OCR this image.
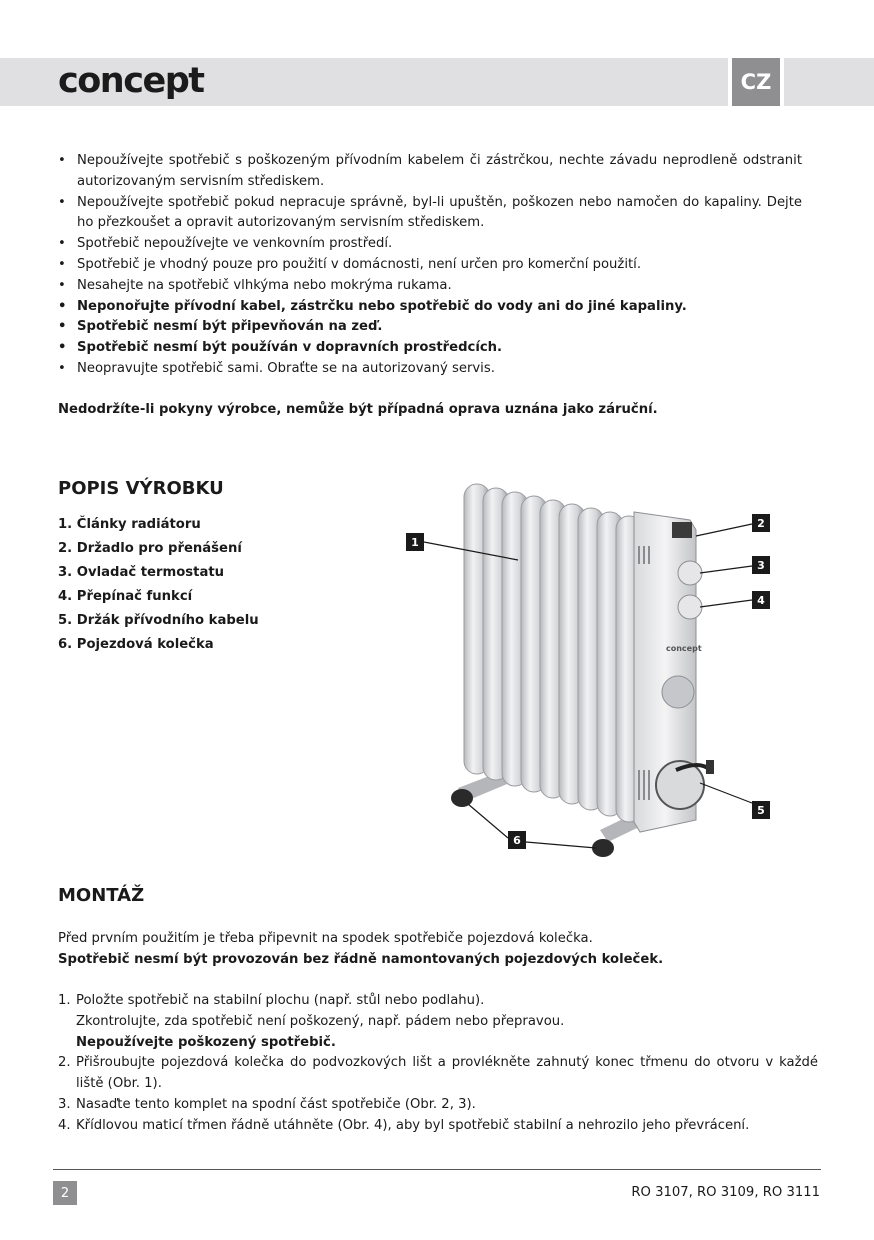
concept	CZ
• Nepoužívejte spotřebič s poškozeným přívodním kabelem či zástrčkou, nechte závadu neprodleně odstranit autorizovaným servisním střediskem.
• Nepoužívejte spotřebič pokud nepracuje správně, byl-li upuštěn, poškozen nebo namočen do kapaliny. Dejte ho přezkoušet a opravit autorizovaným servisním střediskem.
• Spotřebič nepoužívejte ve venkovním prostředí.
• Spotřebič je vhodný pouze pro použití v domácnosti, není určen pro komerční použití.
• Nesahejte na spotřebič vlhkýma nebo mokrýma rukama.
• Neponořujte přívodní kabel, zástrčku nebo spotřebič do vody ani do jiné kapaliny.
• Spotřebič nesmí být připevňován na zeď.
• Spotřebič nesmí být používán v dopravních prostředcích.
• Neopravujte spotřebič sami. Obraťte se na autorizovaný servis.
Nedodržíte-li pokyny výrobce, nemůže být případná oprava uznána jako záruční.
POPIS VÝROBKU
1. Články radiátoru
2. Držadlo pro přenášení
3. Ovladač termostatu
4. Přepínač funkcí
5. Držák přívodního kabelu
6. Pojezdová kolečka	concept
1
2
3
4
5
6
MONTÁŽ
Před prvním použitím je třeba připevnit na spodek spotřebiče pojezdová kolečka.
Spotřebič nesmí být provozován bez řádně namontovaných pojezdových koleček.
1. Položte spotřebič na stabilní plochu (např. stůl nebo podlahu).
Zkontrolujte, zda spotřebič není poškozený, např. pádem nebo přepravou.
Nepoužívejte poškozený spotřebič.
2. Přišroubujte pojezdová kolečka do podvozkových lišt a provlékněte zahnutý konec třmenu do otvoru v každé liště (Obr. 1).
3. Nasaďte tento komplet na spodní část spotřebiče (Obr. 2, 3).
4. Křídlovou maticí třmen řádně utáhněte (Obr. 4), aby byl spotřebič stabilní a nehrozilo jeho převrácení.
2	RO 3107, RO 3109, RO 3111
